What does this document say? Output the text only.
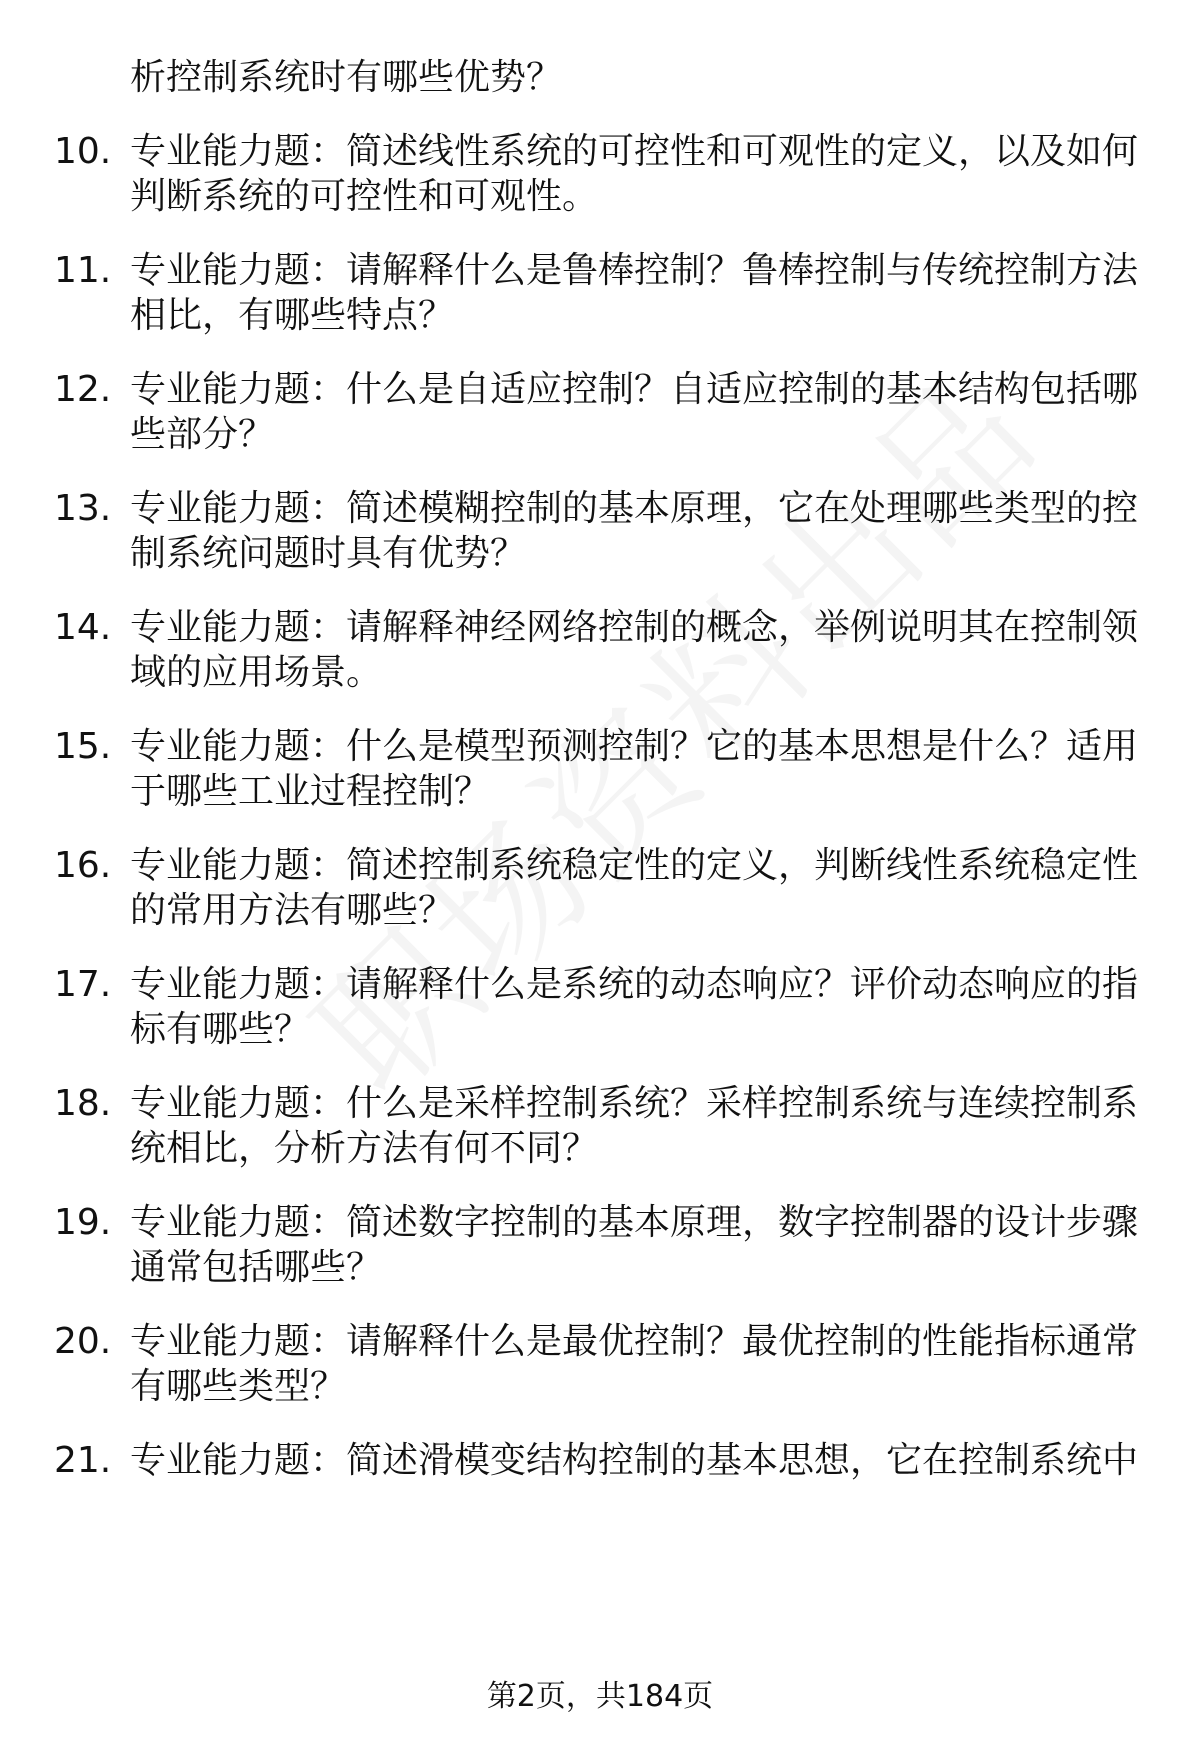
析控制系统时有哪些优势？
10. 专业能力题：简述线性系统的可控性和可观性的定义，以及如何
判断系统的可控性和可观性。
11. 专业能力题：请解释什么是鲁棒控制？鲁棒控制与传统控制方法
相比，有哪些特点？
12. 专业能力题：什么是自适应控制？自适应控制的基本结构包括哪
些部分？
13. 专业能力题：简述模糊控制的基本原理，它在处理哪些类型的控
制系统问题时具有优势？
14. 专业能力题：请解释神经网络控制的概念，举例说明其在控制领
域的应用场景。
15. 专业能力题：什么是模型预测控制？它的基本思想是什么？适用
于哪些工业过程控制？
16. 专业能力题：简述控制系统稳定性的定义，判断线性系统稳定性
的常用方法有哪些？
17. 专业能力题：请解释什么是系统的动态响应？评价动态响应的指
标有哪些？
18. 专业能力题：什么是采样控制系统？采样控制系统与连续控制系
统相比，分析方法有何不同？
19. 专业能力题：简述数字控制的基本原理，数字控制器的设计步骤
通常包括哪些？
20. 专业能力题：请解释什么是最优控制？最优控制的性能指标通常
有哪些类型？
21. 专业能力题：简述滑模变结构控制的基本思想，它在控制系统中
第2页，共184页
